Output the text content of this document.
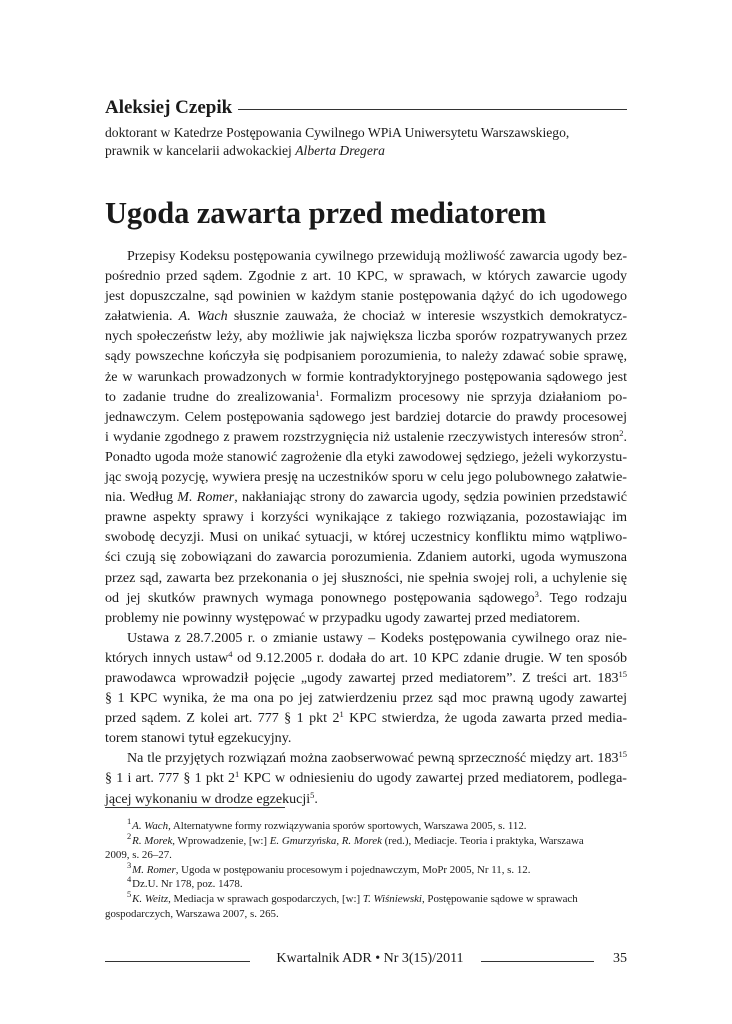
Aleksiej Czepik
doktorant w Katedrze Postępowania Cywilnego WPiA Uniwersytetu Warszawskiego,
prawnik w kancelarii adwokackiej Alberta Dregera
Ugoda zawarta przed mediatorem
Przepisy Kodeksu postępowania cywilnego przewidują możliwość zawarcia ugody bez-
pośrednio przed sądem. Zgodnie z art. 10 KPC, w sprawach, w których zawarcie ugody
jest dopuszczalne, sąd powinien w każdym stanie postępowania dążyć do ich ugodowego
załatwienia. A. Wach słusznie zauważa, że chociaż w interesie wszystkich demokratycz-
nych społeczeństw leży, aby możliwie jak największa liczba sporów rozpatrywanych przez
sądy powszechne kończyła się podpisaniem porozumienia, to należy zdawać sobie sprawę,
że w warunkach prowadzonych w formie kontradyktoryjnego postępowania sądowego jest
to zadanie trudne do zrealizowania$^1$. Formalizm procesowy nie sprzyja działaniom po-
jednawczym. Celem postępowania sądowego jest bardziej dotarcie do prawdy procesowej
i wydanie zgodnego z prawem rozstrzygnięcia niż ustalenie rzeczywistych interesów stron$^2$.
Ponadto ugoda może stanowić zagrożenie dla etyki zawodowej sędziego, jeżeli wykorzystu-
jąc swoją pozycję, wywiera presję na uczestników sporu w celu jego polubownego załatwie-
nia. Według M. Romer, nakłaniając strony do zawarcia ugody, sędzia powinien przedstawić
prawne aspekty sprawy i korzyści wynikające z takiego rozwiązania, pozostawiając im
swobodę decyzji. Musi on unikać sytuacji, w której uczestnicy konfliktu mimo wątpliwo-
ści czują się zobowiązani do zawarcia porozumienia. Zdaniem autorki, ugoda wymuszona
przez sąd, zawarta bez przekonania o jej słuszności, nie spełnia swojej roli, a uchylenie się
od jej skutków prawnych wymaga ponownego postępowania sądowego$^3$. Tego rodzaju
problemy nie powinny występować w przypadku ugody zawartej przed mediatorem.
Ustawa z 28.7.2005 r. o zmianie ustawy – Kodeks postępowania cywilnego oraz nie-
których innych ustaw$^4$ od 9.12.2005 r. dodała do art. 10 KPC zdanie drugie. W ten sposób
prawodawca wprowadził pojęcie „ugody zawartej przed mediatorem”. Z treści art. $183^{15}$
§ 1 KPC wynika, że ma ona po jej zatwierdzeniu przez sąd moc prawną ugody zawartej
przed sądem. Z kolei art. 777 § 1 pkt $2^1$ KPC stwierdza, że ugoda zawarta przed media-
torem stanowi tytuł egzekucyjny.
Na tle przyjętych rozwiązań można zaobserwować pewną sprzeczność między art. $183^{15}$
§ 1 i art. 777 § 1 pkt $2^1$ KPC w odniesieniu do ugody zawartej przed mediatorem, podlega-
jącej wykonaniu w drodze egzekucji$^5$.
$^1$ A. Wach, Alternatywne formy rozwiązywania sporów sportowych, Warszawa 2005, s. 112.
$^2$ R. Morek, Wprowadzenie, [w:] E. Gmurzyńska, R. Morek (red.), Mediacje. Teoria i praktyka, Warszawa
2009, s. 26–27.
$^3$ M. Romer, Ugoda w postępowaniu procesowym i pojednawczym, MoPr 2005, Nr 11, s. 12.
$^4$ Dz.U. Nr 178, poz. 1478.
$^5$ K. Weitz, Mediacja w sprawach gospodarczych, [w:] T. Wiśniewski, Postępowanie sądowe w sprawach
gospodarczych, Warszawa 2007, s. 265.
Kwartalnik ADR • Nr 3(15)/2011	35
